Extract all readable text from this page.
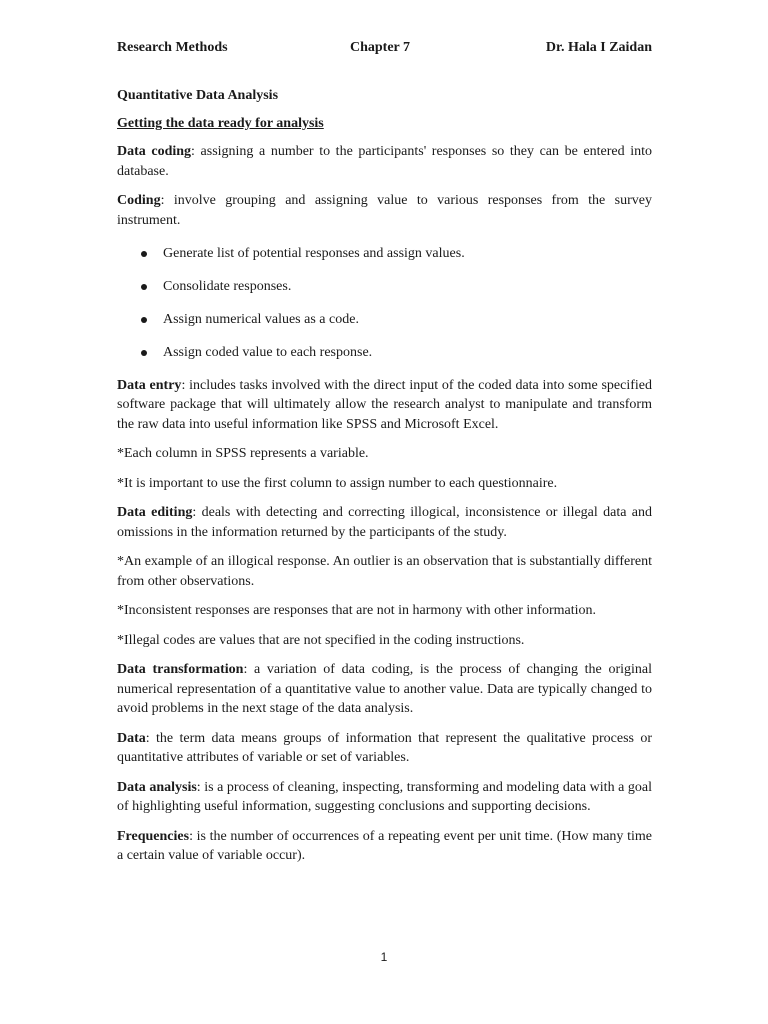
Research Methods	Chapter 7	Dr. Hala I Zaidan
Quantitative Data Analysis
Getting the data ready for analysis

Data coding: assigning a number to the participants' responses so they can be entered into database.

Coding: involve grouping and assigning value to various responses from the survey instrument.

Generate list of potential responses and assign values.
Consolidate responses.
Assign numerical values as a code.
Assign coded value to each response.

Data entry: includes tasks involved with the direct input of the coded data into some specified software package that will ultimately allow the research analyst to manipulate and transform the raw data into useful information like SPSS and Microsoft Excel.

*Each column in SPSS represents a variable.

*It is important to use the first column to assign number to each questionnaire.

Data editing: deals with detecting and correcting illogical, inconsistence or illegal data and omissions in the information returned by the participants of the study.

*An example of an illogical response. An outlier is an observation that is substantially different from other observations.

*Inconsistent responses are responses that are not in harmony with other information.

*Illegal codes are values that are not specified in the coding instructions.

Data transformation: a variation of data coding, is the process of changing the original numerical representation of a quantitative value to another value. Data are typically changed to avoid problems in the next stage of the data analysis.

Data: the term data means groups of information that represent the qualitative process or quantitative attributes of variable or set of variables.

Data analysis: is a process of cleaning, inspecting, transforming and modeling data with a goal of highlighting useful information, suggesting conclusions and supporting decisions.

Frequencies: is the number of occurrences of a repeating event per unit time. (How many time a certain value of variable occur).

1
